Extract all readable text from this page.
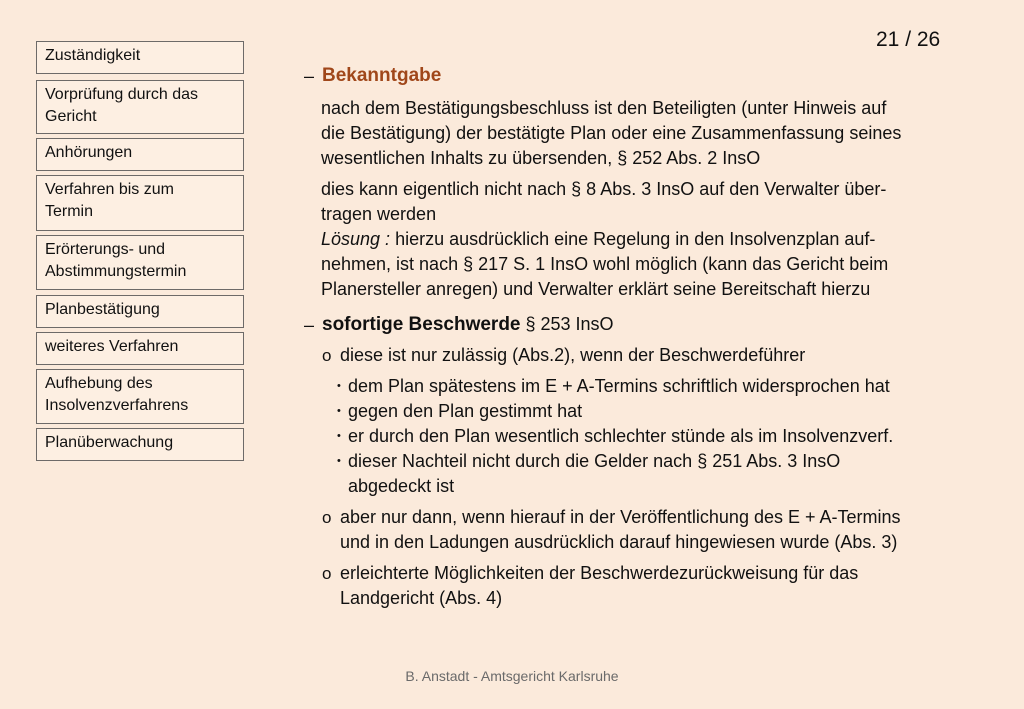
Zuständigkeit
Vorprüfung durch das
Gericht
Anhörungen
Verfahren bis zum
Termin
Erörterungs- und
Abstimmungstermin
Planbestätigung
weiteres Verfahren
Aufhebung des
Insolvenzverfahrens
Planüberwachung
21 / 26
– Bekanntgabe
nach dem Bestätigungsbeschluss ist den Beteiligten (unter Hinweis auf
die Bestätigung) der bestätigte Plan oder eine Zusammenfassung seines
wesentlichen Inhalts zu übersenden, § 252 Abs. 2 InsO
dies kann eigentlich nicht nach § 8 Abs. 3 InsO auf den Verwalter über-
tragen werden
Lösung : hierzu ausdrücklich eine Regelung in den Insolvenzplan auf-
nehmen, ist nach § 217 S. 1 InsO wohl möglich (kann das Gericht beim
Planersteller anregen) und Verwalter erklärt seine Bereitschaft hierzu
– sofortige Beschwerde § 253 InsO
o diese ist nur zulässig (Abs.2), wenn der Beschwerdeführer
• dem Plan spätestens im E + A-Termins schriftlich widersprochen hat
• gegen den Plan gestimmt hat
• er durch den Plan wesentlich schlechter stünde als im Insolvenzverf.
• dieser Nachteil nicht durch die Gelder nach § 251 Abs. 3 InsO
abgedeckt ist
o aber nur dann, wenn hierauf in der Veröffentlichung des E + A-Termins
und in den Ladungen ausdrücklich darauf hingewiesen wurde (Abs. 3)
o erleichterte Möglichkeiten der Beschwerdezurückweisung für das
Landgericht (Abs. 4)
B. Anstadt - Amtsgericht Karlsruhe
